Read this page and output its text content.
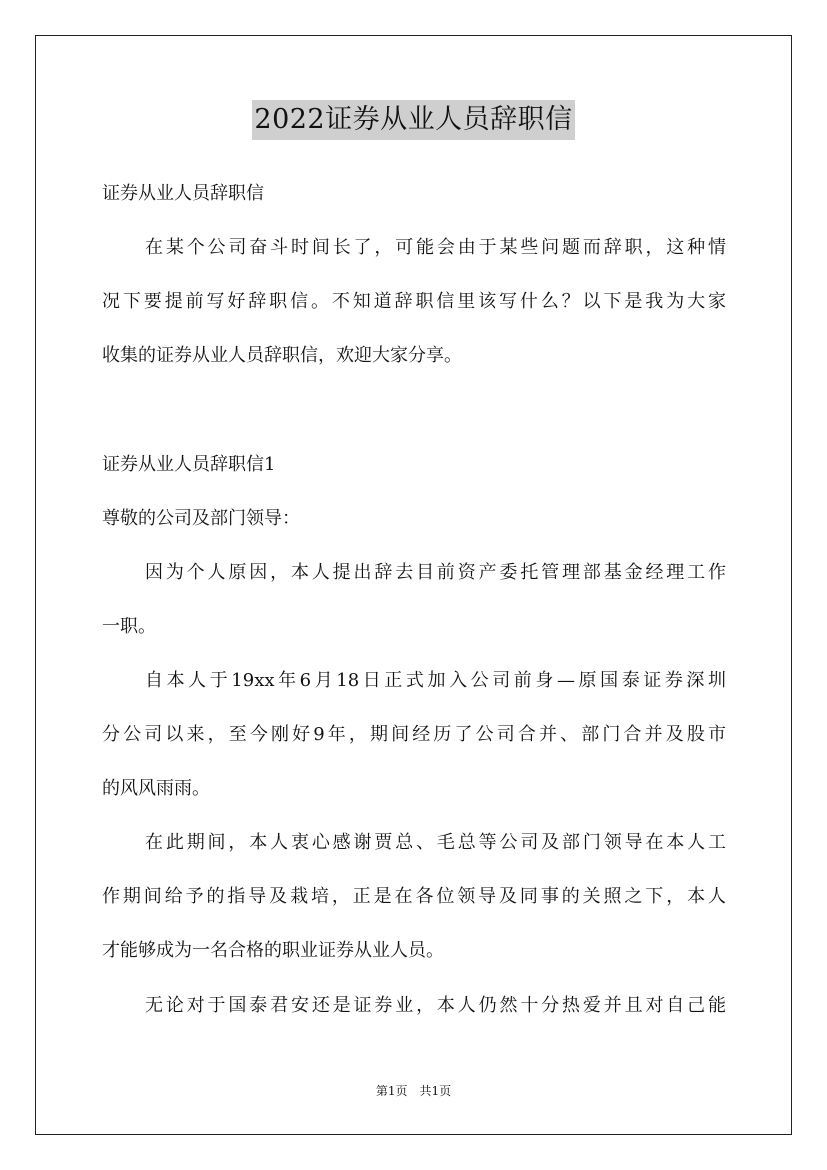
2022证券从业人员辞职信
证券从业人员辞职信
在某个公司奋斗时间长了，可能会由于某些问题而辞职，这种情
况下要提前写好辞职信。不知道辞职信里该写什么？以下是我为大家
收集的证券从业人员辞职信，欢迎大家分享。
证券从业人员辞职信1
尊敬的公司及部门领导：
因为个人原因，本人提出辞去目前资产委托管理部基金经理工作
一职。
自本人于19xx年6月18日正式加入公司前身—原国泰证券深圳
分公司以来，至今刚好9年，期间经历了公司合并、部门合并及股市
的风风雨雨。
在此期间，本人衷心感谢贾总、毛总等公司及部门领导在本人工
作期间给予的指导及栽培，正是在各位领导及同事的关照之下，本人
才能够成为一名合格的职业证券从业人员。
无论对于国泰君安还是证券业，本人仍然十分热爱并且对自己能
第1页 共1页
